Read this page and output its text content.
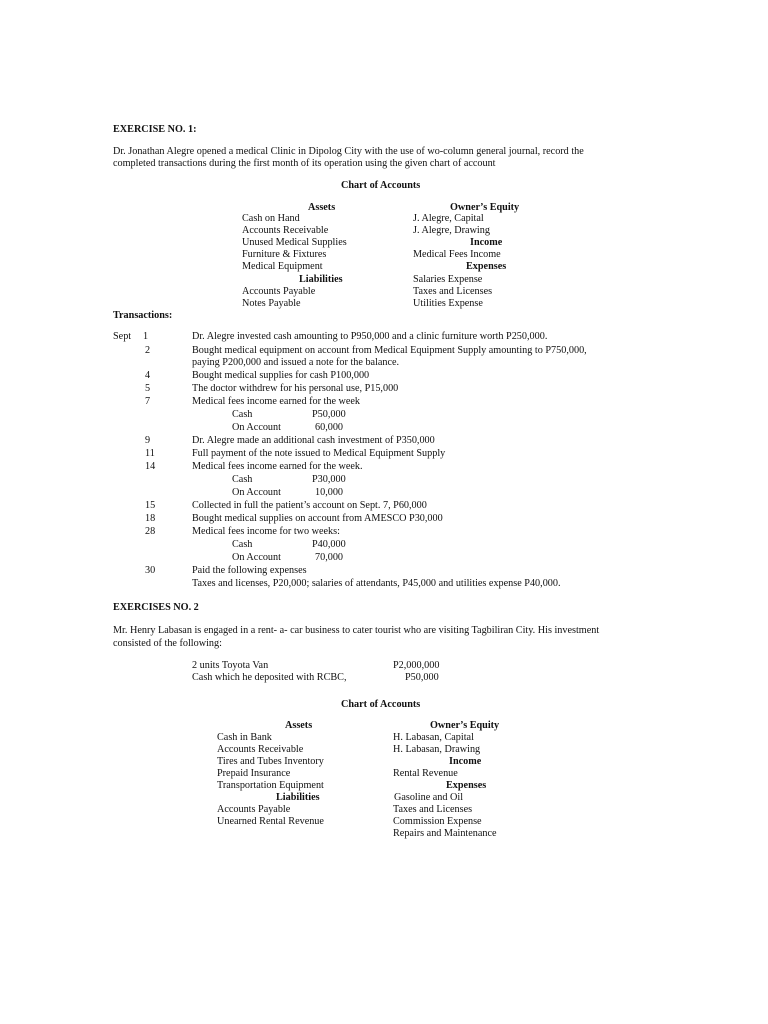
EXERCISE NO. 1:
Dr. Jonathan Alegre opened a medical Clinic in Dipolog City with the use of wo-column general journal, record the
completed transactions during the first month of its operation using the given chart of account
Chart of Accounts
Assets
Cash on Hand
Accounts Receivable
Unused Medical Supplies
Furniture & Fixtures
Medical Equipment
Liabilities
Accounts Payable
Notes Payable
Owner’s Equity
J. Alegre, Capital
J. Alegre, Drawing
Income
Medical Fees Income
Expenses
Salaries Expense
Taxes and Licenses
Utilities Expense
Transactions:
Sept 1	Dr. Alegre invested cash amounting to P950,000 and a clinic furniture worth P250,000.
2	Bought medical equipment on account from Medical Equipment Supply amounting to P750,000,
paying P200,000 and issued a note for the balance.
4	Bought medical supplies for cash P100,000
5	The doctor withdrew for his personal use, P15,000
7	Medical fees income earned for the week
Cash	P50,000
On Account	60,000
9	Dr. Alegre made an additional cash investment of P350,000
11	Full payment of the note issued to Medical Equipment Supply
14	Medical fees income earned for the week.
Cash	P30,000
On Account	10,000
15	Collected in full the patient’s account on Sept. 7, P60,000
18	Bought medical supplies on account from AMESCO P30,000
28	Medical fees income for two weeks:
Cash	P40,000
On Account	70,000
30	Paid the following expenses
Taxes and licenses, P20,000; salaries of attendants, P45,000 and utilities expense P40,000.
EXERCISES NO. 2
Mr. Henry Labasan is engaged in a rent- a- car business to cater tourist who are visiting Tagbiliran City. His investment
consisted of the following:
2 units Toyota Van	P2,000,000
Cash which he deposited with RCBC,	P50,000
Chart of Accounts
Assets
Cash in Bank
Accounts Receivable
Tires and Tubes Inventory
Prepaid Insurance
Transportation Equipment
Liabilities
Accounts Payable
Unearned Rental Revenue
Owner’s Equity
H. Labasan, Capital
H. Labasan, Drawing
Income
Rental Revenue
Expenses
Gasoline and Oil
Taxes and Licenses
Commission Expense
Repairs and Maintenance
